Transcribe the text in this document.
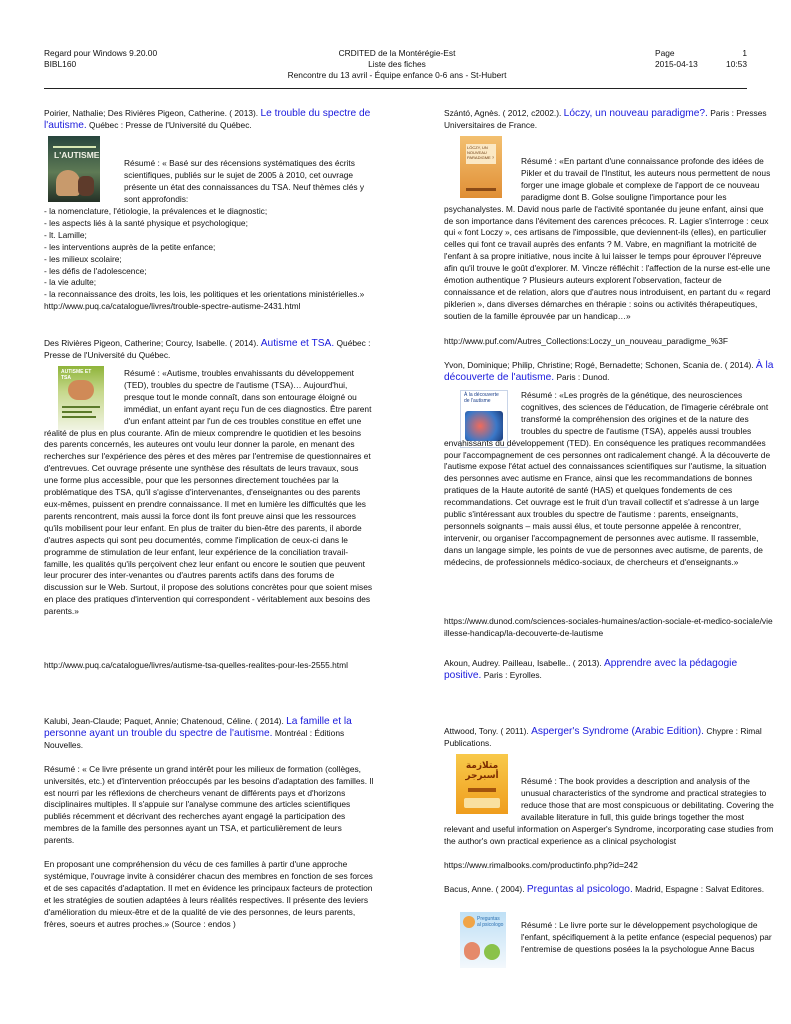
Regard pour Windows 9.20.00
BIBL160
CRDITED de la Montérégie-Est
Liste des fiches
Rencontre du 13 avril - Équipe enfance 0-6 ans - St-Hubert
Page	1
2015-04-13	10:53

Poirier, Nathalie; Des Rivières Pigeon, Catherine. ( 2013). Le trouble du spectre de l'autisme. Québec : Presse de l'Université du Québec.

L'AUTISME

Résumé : « Basé sur des récensions systématiques des écrits scientifiques, publiés sur le sujet de 2005 à 2010, cet ouvrage présente un état des connaissances du TSA. Neuf thèmes clés y sont approfondis:

- la nomenclature, l'étiologie, la prévalences et le diagnostic;
- les aspects liés à la santé physique et psychologique;
- lt. Lamille;
- les interventions auprès de la petite enfance;
- les milieux scolaire;
- les défis de l'adolescence;
- la vie adulte;
- la reconnaissance des droits, les lois, les politiques et les orientations ministérielles.»

http://www.puq.ca/catalogue/livres/trouble-spectre-autisme-2431.html

Des Rivières Pigeon, Catherine; Courcy, Isabelle. ( 2014). Autisme et TSA. Québec : Presse de l'Université du Québec.

AUTISME ET TSA	Résumé : «Autisme, troubles envahissants du développement (TED), troubles du spectre de l'autisme (TSA)… Aujourd'hui, presque tout le monde connaît, dans son entourage éloigné ou immédiat, un enfant ayant reçu l'un de ces diagnostics. Être parent d'un enfant atteint par l'un de ces troubles constitue en effet une réalité de plus en plus courante. Afin de mieux comprendre le quotidien et les besoins des parents concernés, les auteures ont voulu leur donner la parole, en menant des recherches sur l'expérience des pères et des mères par l'entremise de questionnaires et d'entrevues. Cet ouvrage présente une synthèse des résultats de leurs travaux, sous une forme plus accessible, pour que les personnes directement touchées par la problématique des TSA, qu'il s'agisse d'intervenantes, d'enseignantes ou des parents eux-mêmes, puissent en prendre connaissance. Il met en lumière les difficultés que les parents rencontrent, mais aussi la force dont ils font preuve ainsi que les ressources qu'ils mobilisent pour leur enfant. En plus de traiter du bien-être des parents, il aborde d'autres aspects qui sont peu documentés, comme l'implication de ceux-ci dans le programme de stimulation de leur enfant, leur expérience de la conciliation travail-famille, les qualités qu'ils perçoivent chez leur enfant ou encore le soutien que peuvent leur procurer des inter-venantes ou d'autres parents actifs dans des forums de discussion sur le Web. Surtout, il propose des solutions concrètes pour que soient mises en place des pratiques d'intervention qui correspondent - véritablement aux besoins des parents.»

http://www.puq.ca/catalogue/livres/autisme-tsa-quelles-realites-pour-les-2555.html

Kalubi, Jean-Claude; Paquet, Annie; Chatenoud, Céline. ( 2014). La famille et la personne ayant un trouble du spectre de l'autisme. Montréal : Éditions Nouvelles.

Résumé : « Ce livre présente un grand intérêt pour les milieux de formation (collèges, universités, etc.) et d'intervention préoccupés par les besoins d'adaptation des familles. Il est nourri par les réflexions de chercheurs venant de différents pays et d'horizons disciplinaires multiples. Il s'appuie sur l'analyse commune des articles scientifiques publiés récemment et décrivant des recherches ayant engagé la participation des membres de la famille des personnes ayant un TSA, et particulièrement de leurs parents.

En proposant une compréhension du vécu de ces familles à partir d'une approche systémique, l'ouvrage invite à considérer chacun des membres en fonction de ses forces et de ses capacités d'adaptation. Il met en évidence les principaux facteurs de protection et les stratégies de soutien adaptées à leurs réalités respectives. Il présente des leviers d'amélioration du mieux-être et de la qualité de vie des personnes, de leurs parents, frères, soeurs et autres proches.» (Source : endos )

Szántó, Agnès. ( 2012, c2002.). Lóczy, un nouveau paradigme?. Paris : Presses Universitaires de France.

LÓCZY, UN NOUVEAU PARADIGME ?	Résumé : «En partant d'une connaissance profonde des idées de Pikler et du travail de l'Institut, les auteurs nous permettent de nous forger une image globale et complexe de l'apport de ce nouveau paradigme dont B. Golse souligne l'importance pour les psychanalystes. M. David nous parle de l'activité spontanée du jeune enfant, ainsi que de son importance dans l'évitement des carences précoces. R. Lagier s'interroge : ceux qui « font Loczy », ces artisans de l'impossible, que deviennent-ils (elles), en particulier celles qui font ce travail auprès des enfants ? M. Vabre, en magnifiant la motricité de l'enfant à sa propre initiative, nous incite à lui laisser le temps pour éprouver l'épreuve afin qu'il trouve le goût d'explorer. M. Vincze réfléchit : l'affection de la nurse est-elle une émotion authentique ? Plusieurs auteurs explorent l'observation, facteur de connaissance et de relation, alors que d'autres nous introduisent, en partant du « regard piklerien », dans diverses démarches en thérapie : soins ou activités thérapeutiques, soutien de la famille éprouvée par un handicap…»

http://www.puf.com/Autres_Collections:Loczy_un_nouveau_paradigme_%3F

Yvon, Dominique; Philip, Christine; Rogé, Bernadette; Schonen, Scania de. ( 2014). À la découverte de l'autisme. Paris : Dunod.

À la découverte de l'autisme

Résumé : «Les progrès de la génétique, des neurosciences cognitives, des sciences de l'éducation, de l'imagerie cérébrale ont transformé la compréhension des origines et de la nature des troubles du spectre de l'autisme (TSA), appelés aussi troubles envahissants du développement (TED). En conséquence les pratiques recommandées pour l'accompagnement de ces personnes ont radicalement changé. À la découverte de l'autisme expose l'état actuel des connaissances scientifiques sur l'autisme, la situation des personnes avec autisme en France, ainsi que les recommandations de bonnes pratiques de la Haute autorité de santé (HAS) et quelques fondements de ces recommandations. Cet ouvrage est le fruit d'un travail collectif et s'adresse à un large public s'intéressant aux troubles du spectre de l'autisme : parents, enseignants, personnels soignants – mais aussi élus, et toute personne appelée à rencontrer, intervenir, ou organiser l'accompagnement de personnes avec autisme. Il rassemble, dans un langage simple, les points de vue de personnes avec autisme, de parents, de médecins, de professionnels médico-sociaux, de chercheurs et d'enseignants.»

https://www.dunod.com/sciences-sociales-humaines/action-sociale-et-medico-sociale/vieillesse-handicap/la-decouverte-de-lautisme

Akoun, Audrey. Pailleau, Isabelle.. ( 2013). Apprendre avec la pédagogie positive. Paris : Eyrolles.

Attwood, Tony. ( 2011). Asperger's Syndrome (Arabic Edition). Chypre : Rimal Publications.

متلازمة أسبرجر

Résumé : The book provides a description and analysis of the unusual characteristics of the syndrome and practical strategies to reduce those that are most conspicuous or debilitating. Covering the available literature in full, this guide brings together the most relevant and useful information on Asperger's Syndrome, incorporating case studies from the author's own practical experience as a clinical psychologist

https://www.rimalbooks.com/productinfo.php?id=242

Bacus, Anne. ( 2004). Preguntas al psicologo. Madrid, Espagne : Salvat Editores.

Preguntas al psicologo	Résumé : Le livre porte sur le développement psychologique de l'enfant, spécifiquement à la petite enfance (especial pequenos) par l'entremise de questions posées la la psychologue Anne Bacus
